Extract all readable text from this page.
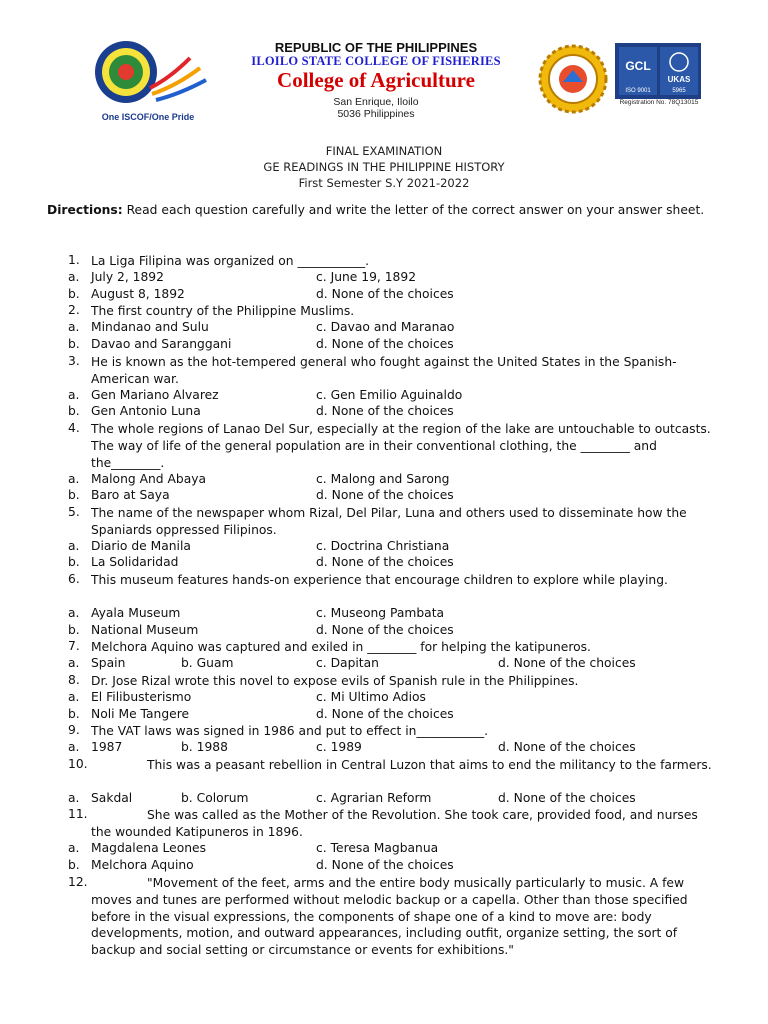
One ISCOF/One Pride
REPUBLIC OF THE PHILIPPINES
ILOILO STATE COLLEGE OF FISHERIES
College of Agriculture
San Enrique, Iloilo
5036 Philippines
GCL
UKAS
ISO 9001	5965
Registration No. 78Q13015
FINAL EXAMINATION
GE READINGS IN THE PHILIPPINE HISTORY
First Semester S.Y 2021-2022
Directions: Read each question carefully and write the letter of the correct answer on your answer sheet.
1. La Liga Filipina was organized on ___________.
a. July 2, 1892	c. June 19, 1892
b. August 8, 1892	d. None of the choices
2. The first country of the Philippine Muslims.
a. Mindanao and Sulu	c. Davao and Maranao
b. Davao and Saranggani	d. None of the choices
3. He is known as the hot-tempered general who fought against the United States in the Spanish- American war.
a. Gen Mariano Alvarez	c. Gen Emilio Aguinaldo
b. Gen Antonio Luna	d. None of the choices
4. The whole regions of Lanao Del Sur, especially at the region of the lake are untouchable to outcasts. The way of life of the general population are in their conventional clothing, the ________ and the________.
a. Malong And Abaya	c. Malong and Sarong
b. Baro at Saya	d. None of the choices
5. The name of the newspaper whom Rizal, Del Pilar, Luna and others used to disseminate how the Spaniards oppressed Filipinos.
a. Diario de Manila	c. Doctrina Christiana
b. La Solidaridad	d. None of the choices
6. This museum features hands-on experience that encourage children to explore while playing.
a. Ayala Museum	c. Museong Pambata
b. National Museum	d. None of the choices
7. Melchora Aquino was captured and exiled in ________ for helping the katipuneros.
a. Spain	b. Guam	c. Dapitan	d. None of the choices
8. Dr. Jose Rizal wrote this novel to expose evils of Spanish rule in the Philippines.
a. El Filibusterismo	c. Mi Ultimo Adios
b. Noli Me Tangere	d. None of the choices
9. The VAT laws was signed in 1986 and put to effect in___________.
a. 1987	b. 1988	c. 1989	d. None of the choices
10.	This was a peasant rebellion in Central Luzon that aims to end the militancy to the farmers.
a. Sakdal	b. Colorum	c. Agrarian Reform	d. None of the choices
11.	She was called as the Mother of the Revolution. She took care, provided food, and nurses the wounded Katipuneros in 1896.
a. Magdalena Leones	c. Teresa Magbanua
b. Melchora Aquino	d. None of the choices
12.	"Movement of the feet, arms and the entire body musically particularly to music. A few moves and tunes are performed without melodic backup or a capella. Other than those specified before in the visual expressions, the components of shape one of a kind to move are: body developments, motion, and outward appearances, including outfit, organize setting, the sort of backup and social setting or circumstance or events for exhibitions."
